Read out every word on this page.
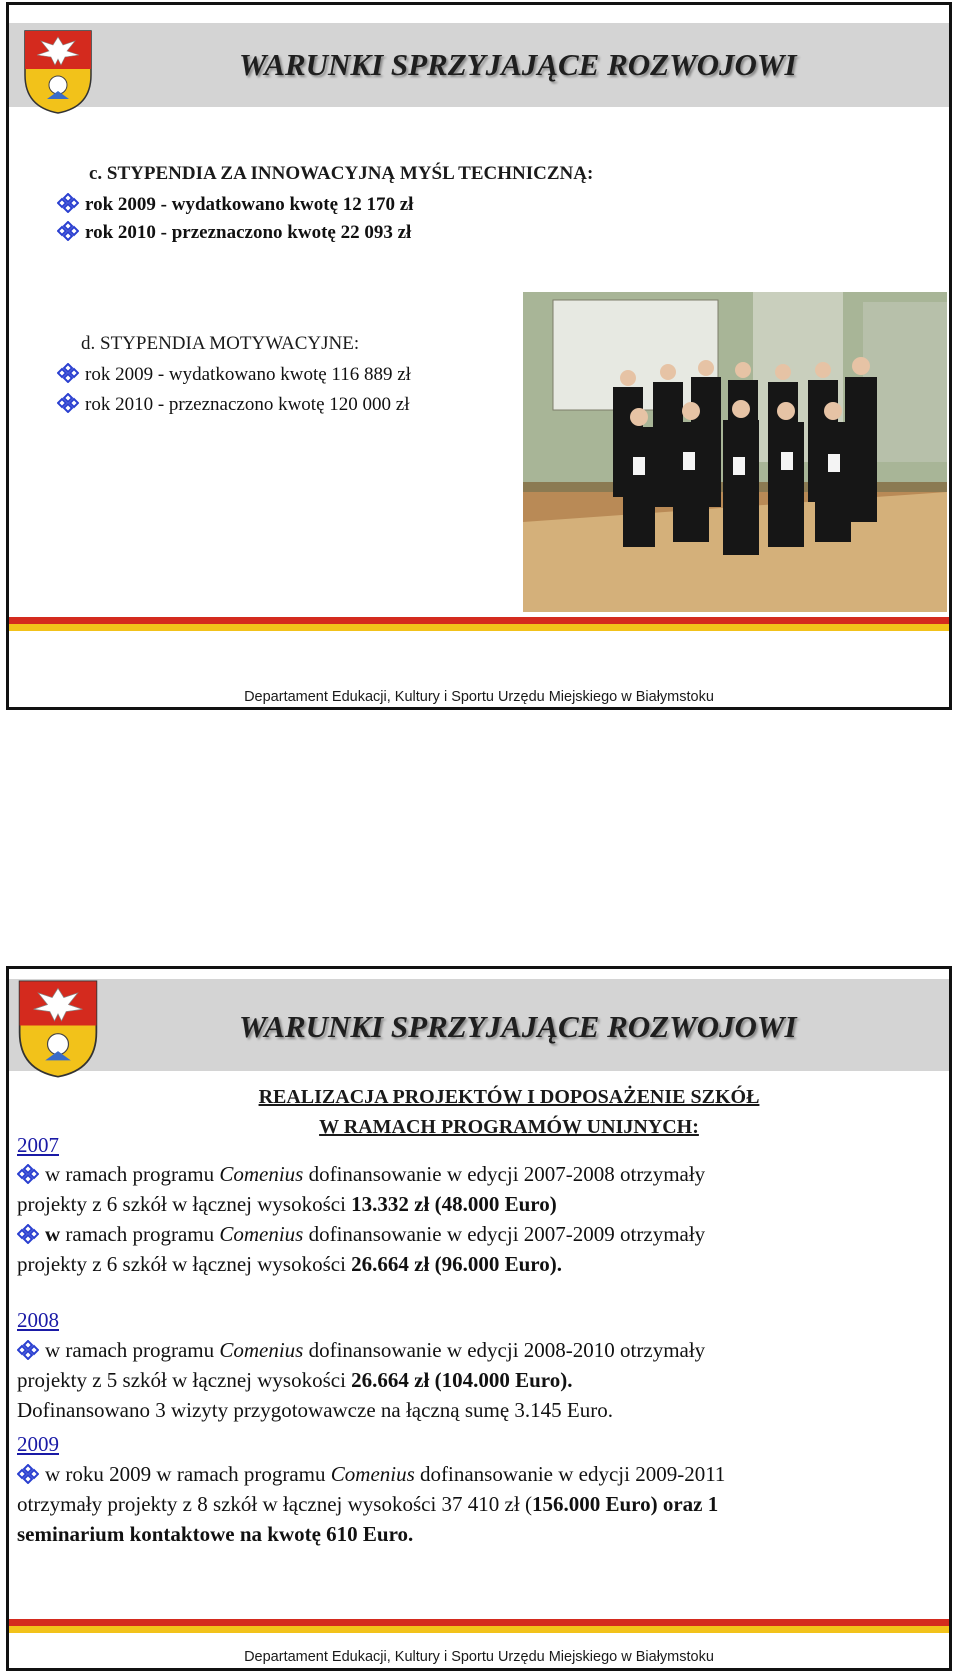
WARUNKI SPRZYJAJĄCE ROZWOJOWI
c. STYPENDIA ZA INNOWACYJNĄ MYŚL TECHNICZNĄ:
rok 2009 - wydatkowano kwotę 12 170 zł
rok 2010 - przeznaczono kwotę 22 093 zł
d. STYPENDIA MOTYWACYJNE:
rok 2009 - wydatkowano kwotę 116 889 zł
rok 2010 - przeznaczono kwotę 120 000 zł
Departament Edukacji, Kultury i Sportu Urzędu Miejskiego w Białymstoku
WARUNKI SPRZYJAJĄCE ROZWOJOWI
REALIZACJA PROJEKTÓW I DOPOSAŻENIE SZKÓŁ
W RAMACH PROGRAMÓW UNIJNYCH:
2007
w ramach programu Comenius dofinansowanie w edycji 2007-2008 otrzymały
projekty z 6 szkół w łącznej wysokości 13.332 zł (48.000 Euro)
w ramach programu Comenius dofinansowanie w edycji 2007-2009 otrzymały
projekty z 6 szkół w łącznej wysokości 26.664 zł (96.000 Euro).
2008
w ramach programu Comenius dofinansowanie w edycji 2008-2010 otrzymały
projekty z 5 szkół w łącznej wysokości 26.664 zł (104.000 Euro).
Dofinansowano 3 wizyty przygotowawcze na łączną sumę 3.145 Euro.
2009
w roku 2009 w ramach programu Comenius dofinansowanie w edycji 2009-2011
otrzymały projekty z 8 szkół w łącznej wysokości 37 410 zł (156.000 Euro) oraz 1
seminarium kontaktowe na kwotę 610 Euro.
Departament Edukacji, Kultury i Sportu Urzędu Miejskiego w Białymstoku
